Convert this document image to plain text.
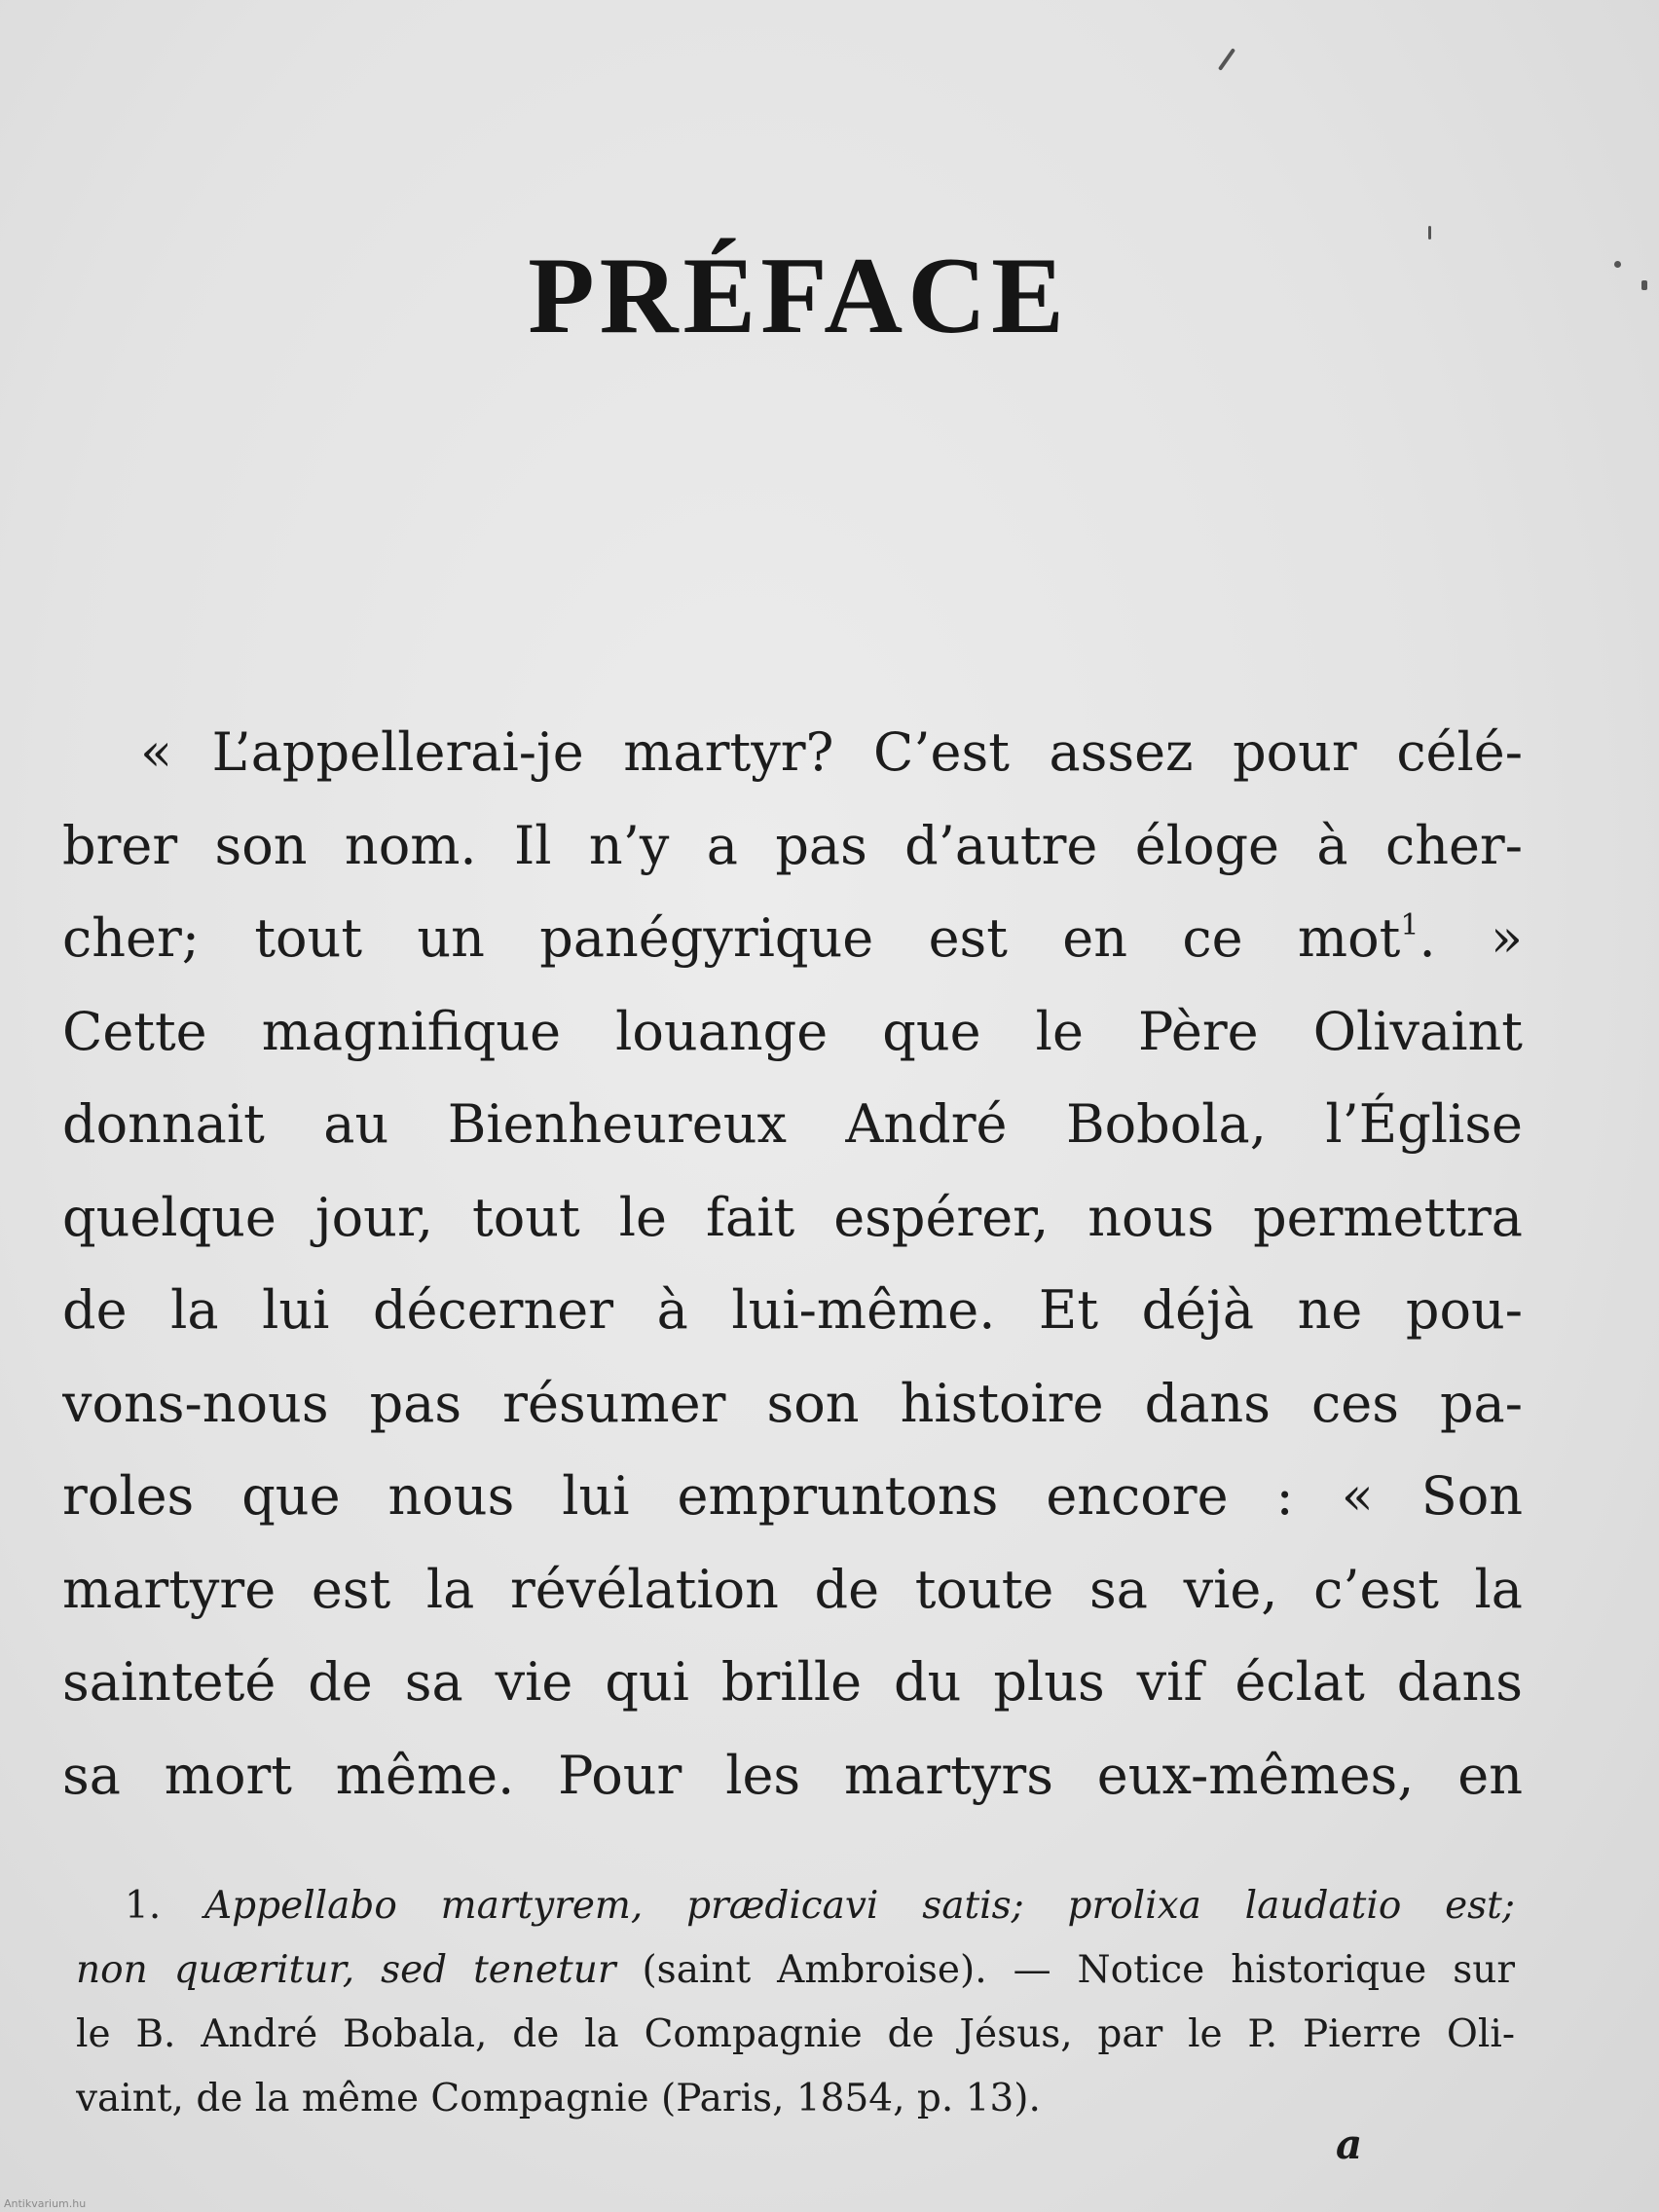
PRÉFACE
« L’appellerai-je martyr? C’est assez pour célé-
brer son nom. Il n’y a pas d’autre éloge à cher-
cher; tout un panégyrique est en ce mot$^1$. »
Cette magnifique louange que le Père Olivaint
donnait au Bienheureux André Bobola, l’Église
quelque jour, tout le fait espérer, nous permettra
de la lui décerner à lui-même. Et déjà ne pou-
vons-nous pas résumer son histoire dans ces pa-
roles que nous lui empruntons encore : « Son
martyre est la révélation de toute sa vie, c’est la
sainteté de sa vie qui brille du plus vif éclat dans
sa mort même. Pour les martyrs eux-mêmes, en
1. Appellabo martyrem, prædicavi satis; prolixa laudatio est;
non quæritur, sed tenetur (saint Ambroise). — Notice historique sur
le B. André Bobala, de la Compagnie de Jésus, par le P. Pierre Oli-
vaint, de la même Compagnie (Paris, 1854, p. 13).
a
Antikvarium.hu
